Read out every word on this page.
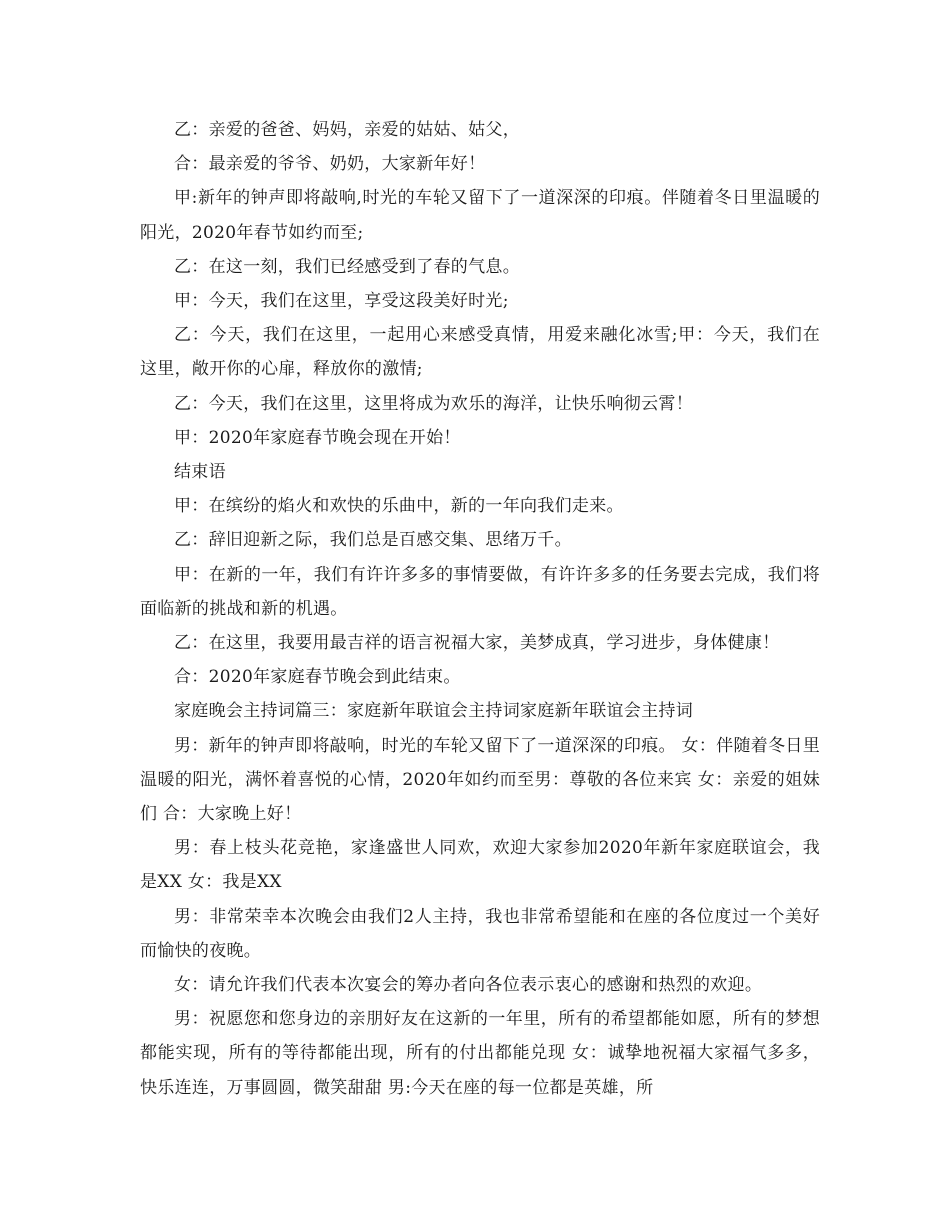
乙：亲爱的爸爸、妈妈，亲爱的姑姑、姑父，

合：最亲爱的爷爷、奶奶，大家新年好！

甲:新年的钟声即将敲响,时光的车轮又留下了一道深深的印痕。伴随着冬日里温暖的阳光，2020年春节如约而至;

乙：在这一刻，我们已经感受到了春的气息。

甲：今天，我们在这里，享受这段美好时光;

乙：今天，我们在这里，一起用心来感受真情，用爱来融化冰雪;甲：今天，我们在这里，敞开你的心扉，释放你的激情;

乙：今天，我们在这里，这里将成为欢乐的海洋，让快乐响彻云霄！

甲：2020年家庭春节晚会现在开始！

结束语

甲：在缤纷的焰火和欢快的乐曲中，新的一年向我们走来。

乙：辞旧迎新之际，我们总是百感交集、思绪万千。

甲：在新的一年，我们有许许多多的事情要做，有许许多多的任务要去完成，我们将面临新的挑战和新的机遇。

乙：在这里，我要用最吉祥的语言祝福大家，美梦成真，学习进步，身体健康！

合：2020年家庭春节晚会到此结束。

家庭晚会主持词篇三：家庭新年联谊会主持词家庭新年联谊会主持词

男：新年的钟声即将敲响，时光的车轮又留下了一道深深的印痕。 女：伴随着冬日里温暖的阳光，满怀着喜悦的心情，2020年如约而至男：尊敬的各位来宾 女：亲爱的姐妹们 合：大家晚上好！

男：春上枝头花竞艳，家逢盛世人同欢，欢迎大家参加2020年新年家庭联谊会，我是XX 女：我是XX

男：非常荣幸本次晚会由我们2人主持，我也非常希望能和在座的各位度过一个美好而愉快的夜晚。

女：请允许我们代表本次宴会的筹办者向各位表示衷心的感谢和热烈的欢迎。

男：祝愿您和您身边的亲朋好友在这新的一年里，所有的希望都能如愿，所有的梦想都能实现，所有的等待都能出现，所有的付出都能兑现 女：诚挚地祝福大家福气多多，快乐连连，万事圆圆，微笑甜甜 男:今天在座的每一位都是英雄，所
